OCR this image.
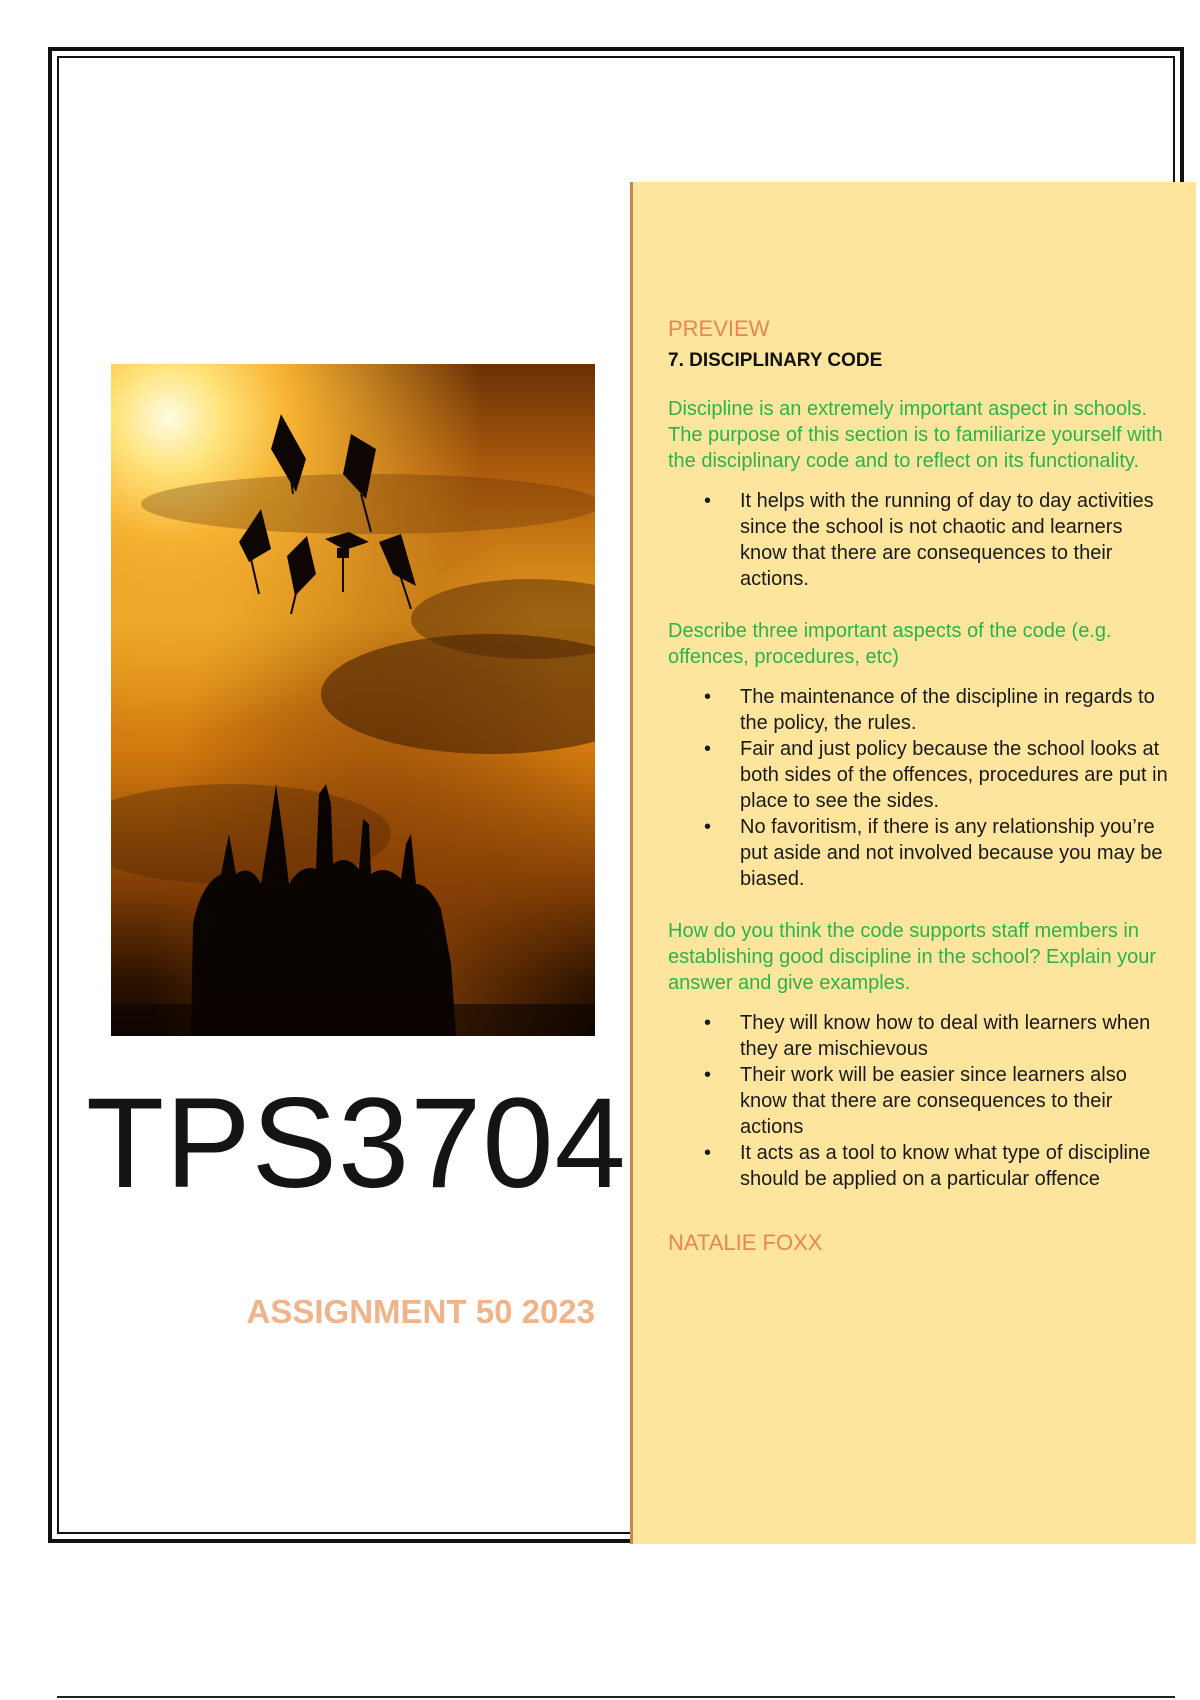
TPS3704
ASSIGNMENT 50 2023

PREVIEW

7. DISCIPLINARY CODE

Discipline is an extremely important aspect in schools. The purpose of this section is to familiarize yourself with the disciplinary code and to reflect on its functionality.

• It helps with the running of day to day activities since the school is not chaotic and learners know that there are consequences to their actions.

Describe three important aspects of the code (e.g. offences, procedures, etc)

• The maintenance of the discipline in regards to the policy, the rules.
• Fair and just policy because the school looks at both sides of the offences, procedures are put in place to see the sides.
• No favoritism, if there is any relationship you’re put aside and not involved because you may be biased.

How do you think the code supports staff members in establishing good discipline in the school? Explain your answer and give examples.

• They will know how to deal with learners when they are mischievous
• Their work will be easier since learners also know that there are consequences to their actions
• It acts as a tool to know what type of discipline should be applied on a particular offence

NATALIE FOXX
